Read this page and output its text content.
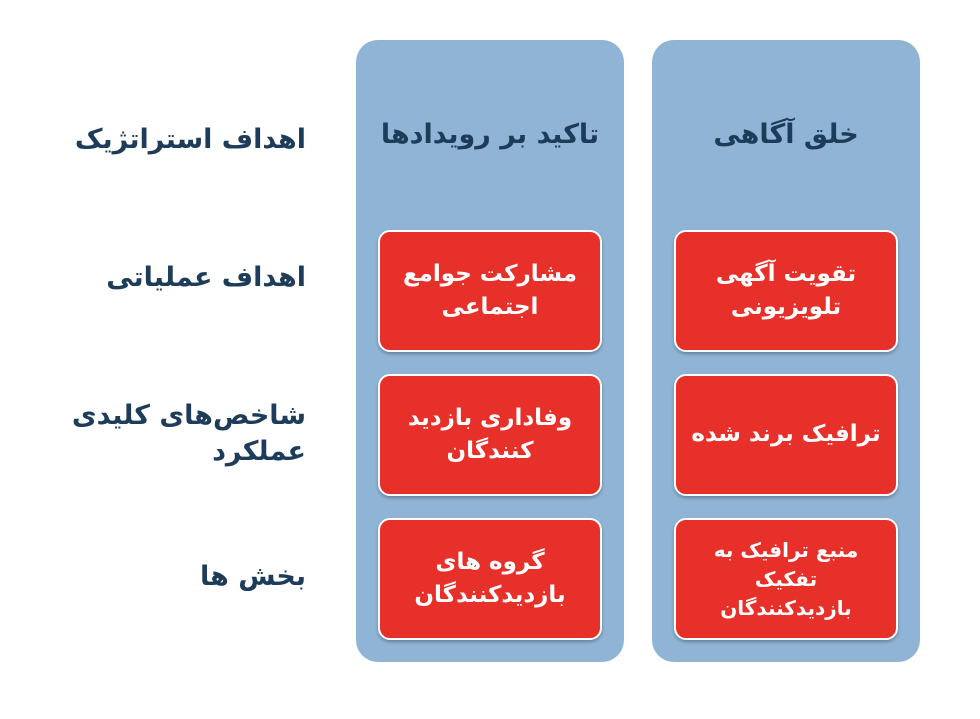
خلق آگاهی
تقویت آگهی تلویزیونی
ترافیک برند شده
منبع ترافیک به تفکیک بازدیدکنندگان
تاکید بر رویدادها
مشارکت جوامع اجتماعی
وفاداری بازدید کنندگان
گروه های بازدیدکنندگان
اهداف استراتژیک
اهداف عملیاتی
شاخص‌های کلیدی عملکرد
بخش ها
